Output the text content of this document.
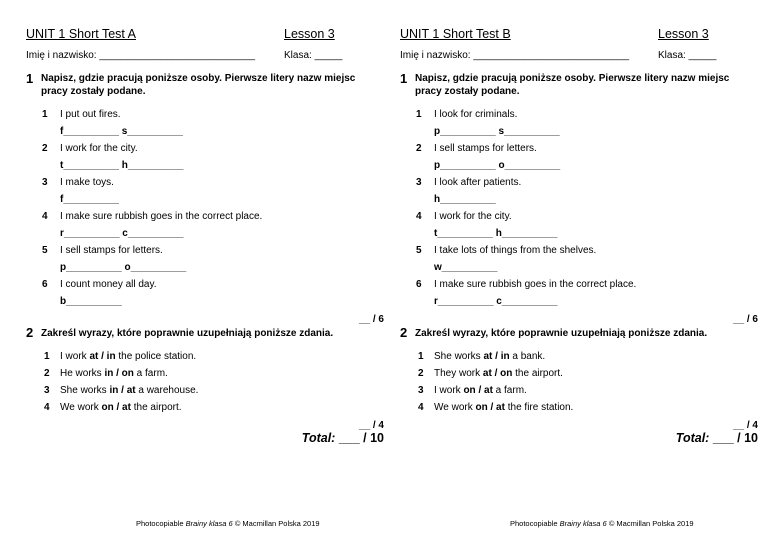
UNIT 1 Short Test A	Lesson 3
Imię i nazwisko: ____________________________	Klasa: _____
1 Napisz, gdzie pracują poniższe osoby. Pierwsze litery nazw miejsc pracy zostały podane.
1 I put out fires.
f__________ s__________
2 I work for the city.
t__________ h__________
3 I make toys.
f__________
4 I make sure rubbish goes in the correct place.
r__________ c__________
5 I sell stamps for letters.
p__________ o__________
6 I count money all day.
b__________
__ / 6
2 Zakreśl wyrazy, które poprawnie uzupełniają poniższe zdania.
1 I work at / in the police station.
2 He works in / on a farm.
3 She works in / at a warehouse.
4 We work on / at the airport.
__ / 4
Total: ___ / 10
Photocopiable Brainy klasa 6 © Macmillan Polska 2019
UNIT 1 Short Test B	Lesson 3
Imię i nazwisko: ____________________________	Klasa: _____
1 Napisz, gdzie pracują poniższe osoby. Pierwsze litery nazw miejsc pracy zostały podane.
1 I look for criminals.
p__________ s__________
2 I sell stamps for letters.
p__________ o__________
3 I look after patients.
h__________
4 I work for the city.
t__________ h__________
5 I take lots of things from the shelves.
w__________
6 I make sure rubbish goes in the correct place.
r__________ c__________
__ / 6
2 Zakreśl wyrazy, które poprawnie uzupełniają poniższe zdania.
1 She works at / in a bank.
2 They work at / on the airport.
3 I work on / at a farm.
4 We work on / at the fire station.
__ / 4
Total: ___ / 10
Photocopiable Brainy klasa 6 © Macmillan Polska 2019
